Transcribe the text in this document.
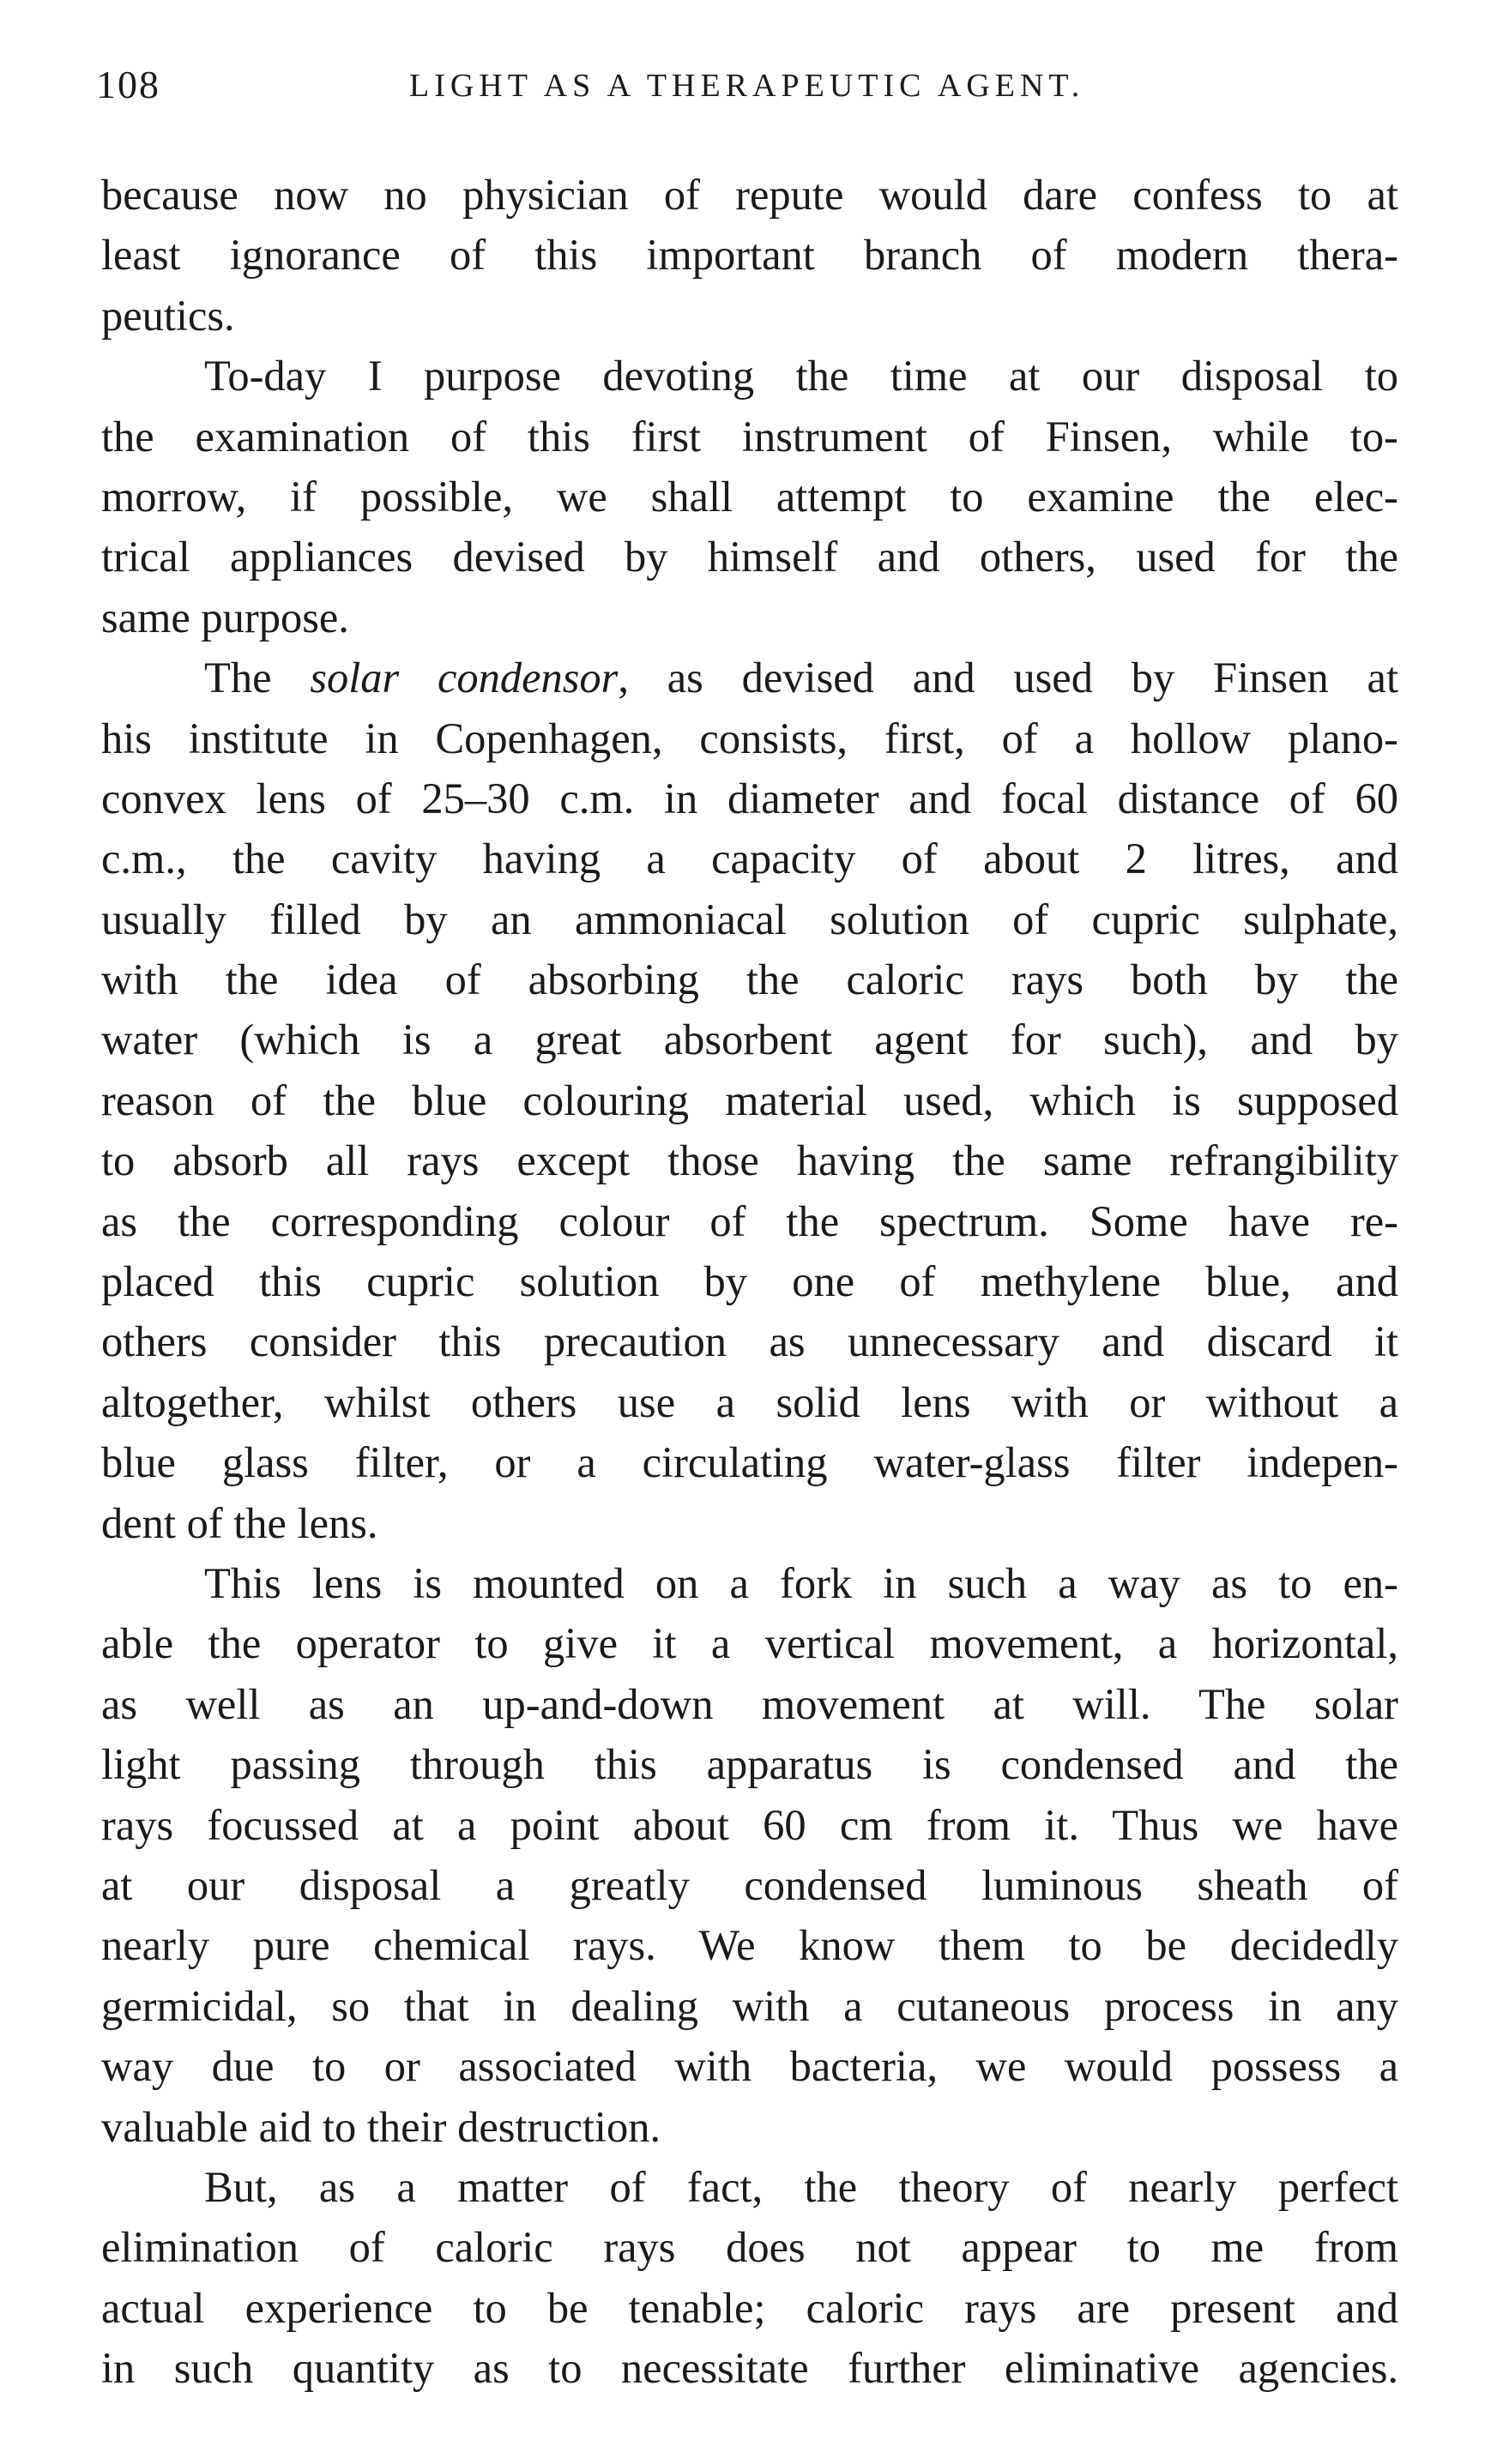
108	LIGHT AS A THERAPEUTIC AGENT.
because now no physician of repute would dare confess to at
least ignorance of this important branch of modern thera-
peutics.
To-day I purpose devoting the time at our disposal to
the examination of this first instrument of Finsen, while to-
morrow, if possible, we shall attempt to examine the elec-
trical appliances devised by himself and others, used for the
same purpose.
The solar condensor, as devised and used by Finsen at
his institute in Copenhagen, consists, first, of a hollow plano-
convex lens of 25–30 c.m. in diameter and focal distance of 60
c.m., the cavity having a capacity of about 2 litres, and
usually filled by an ammoniacal solution of cupric sulphate,
with the idea of absorbing the caloric rays both by the
water (which is a great absorbent agent for such), and by
reason of the blue colouring material used, which is supposed
to absorb all rays except those having the same refrangibility
as the corresponding colour of the spectrum. Some have re-
placed this cupric solution by one of methylene blue, and
others consider this precaution as unnecessary and discard it
altogether, whilst others use a solid lens with or without a
blue glass filter, or a circulating water-glass filter indepen-
dent of the lens.
This lens is mounted on a fork in such a way as to en-
able the operator to give it a vertical movement, a horizontal,
as well as an up-and-down movement at will. The solar
light passing through this apparatus is condensed and the
rays focussed at a point about 60 cm from it. Thus we have
at our disposal a greatly condensed luminous sheath of
nearly pure chemical rays. We know them to be decidedly
germicidal, so that in dealing with a cutaneous process in any
way due to or associated with bacteria, we would possess a
valuable aid to their destruction.
But, as a matter of fact, the theory of nearly perfect
elimination of caloric rays does not appear to me from
actual experience to be tenable; caloric rays are present and
in such quantity as to necessitate further eliminative agencies.
